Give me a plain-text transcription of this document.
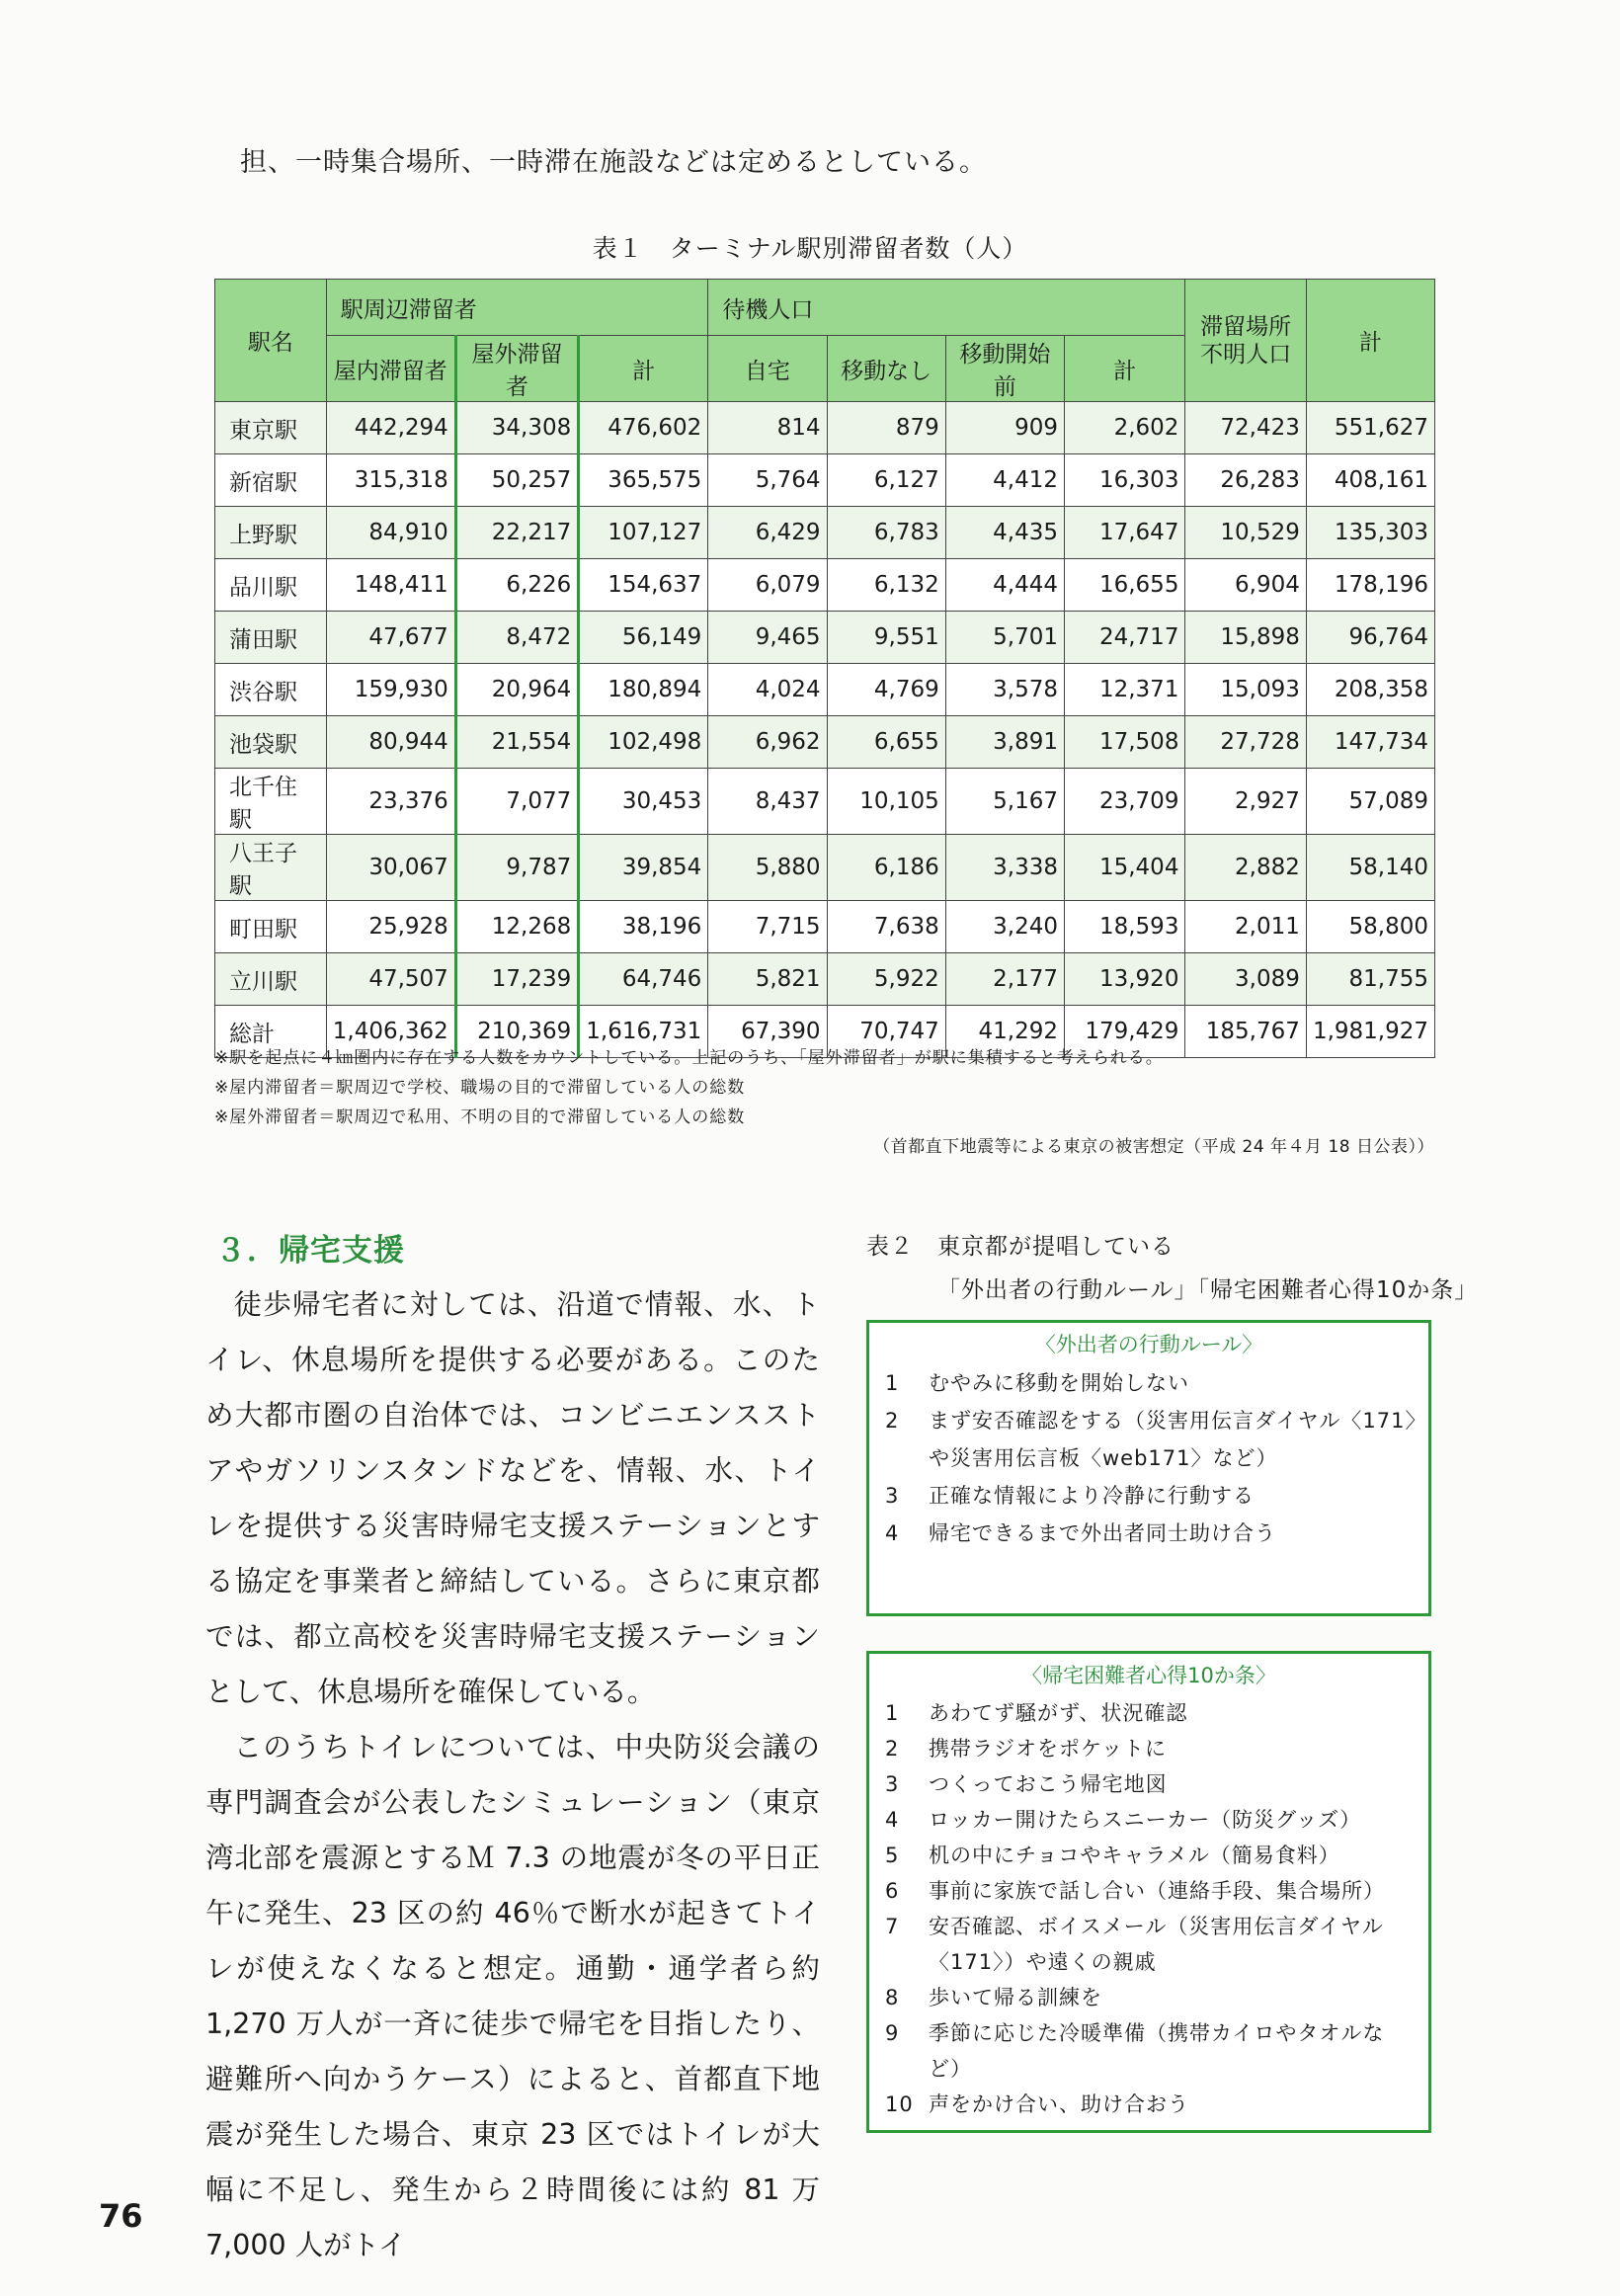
担、一時集合場所、一時滞在施設などは定めるとしている。
表１ ターミナル駅別滞留者数（人）
駅名	駅周辺滞留者			待機人口				滞留場所不明人口	計
	屋内滞留者	屋外滞留者	計	自宅	移動なし	移動開始前	計		
東京駅	442,294	34,308	476,602	814	879	909	2,602	72,423	551,627
新宿駅	315,318	50,257	365,575	5,764	6,127	4,412	16,303	26,283	408,161
上野駅	84,910	22,217	107,127	6,429	6,783	4,435	17,647	10,529	135,303
品川駅	148,411	6,226	154,637	6,079	6,132	4,444	16,655	6,904	178,196
蒲田駅	47,677	8,472	56,149	9,465	9,551	5,701	24,717	15,898	96,764
渋谷駅	159,930	20,964	180,894	4,024	4,769	3,578	12,371	15,093	208,358
池袋駅	80,944	21,554	102,498	6,962	6,655	3,891	17,508	27,728	147,734
北千住駅	23,376	7,077	30,453	8,437	10,105	5,167	23,709	2,927	57,089
八王子駅	30,067	9,787	39,854	5,880	6,186	3,338	15,404	2,882	58,140
町田駅	25,928	12,268	38,196	7,715	7,638	3,240	18,593	2,011	58,800
立川駅	47,507	17,239	64,746	5,821	5,922	2,177	13,920	3,089	81,755
総計	1,406,362	210,369	1,616,731	67,390	70,747	41,292	179,429	185,767	1,981,927
※駅を起点に４㎞圏内に存在する人数をカウントしている。上記のうち、「屋外滞留者」が駅に集積すると考えられる。
※屋内滞留者＝駅周辺で学校、職場の目的で滞留している人の総数
※屋外滞留者＝駅周辺で私用、不明の目的で滞留している人の総数
（首都直下地震等による東京の被害想定（平成 24 年４月 18 日公表））
３．帰宅支援

徒歩帰宅者に対しては、沿道で情報、水、トイレ、休息場所を提供する必要がある。このため大都市圏の自治体では、コンビニエンスストアやガソリンスタンドなどを、情報、水、トイレを提供する災害時帰宅支援ステーションとする協定を事業者と締結している。さらに東京都では、都立高校を災害時帰宅支援ステーションとして、休息場所を確保している。

このうちトイレについては、中央防災会議の専門調査会が公表したシミュレーション（東京湾北部を震源とするＭ 7.3 の地震が冬の平日正午に発生、23 区の約 46％で断水が起きてトイレが使えなくなると想定。通勤・通学者ら約 1,270 万人が一斉に徒歩で帰宅を目指したり、避難所へ向かうケース）によると、首都直下地震が発生した場合、東京 23 区ではトイレが大幅に不足し、発生から２時間後には約 81 万 7,000 人がトイ

表２　東京都が提唱している
「外出者の行動ルール」「帰宅困難者心得10か条」
〈外出者の行動ルール〉
1	むやみに移動を開始しない
2	まず安否確認をする（災害用伝言ダイヤル〈171〉や災害用伝言板〈web171〉など）
3	正確な情報により冷静に行動する
4	帰宅できるまで外出者同士助け合う
〈帰宅困難者心得10か条〉
1	あわてず騒がず、状況確認
2	携帯ラジオをポケットに
3	つくっておこう帰宅地図
4	ロッカー開けたらスニーカー（防災グッズ）
5	机の中にチョコやキャラメル（簡易食料）
6	事前に家族で話し合い（連絡手段、集合場所）
7	安否確認、ボイスメール（災害用伝言ダイヤル〈171〉）や遠くの親戚
8	歩いて帰る訓練を
9	季節に応じた冷暖準備（携帯カイロやタオルなど）
10 声をかけ合い、助け合おう
76
